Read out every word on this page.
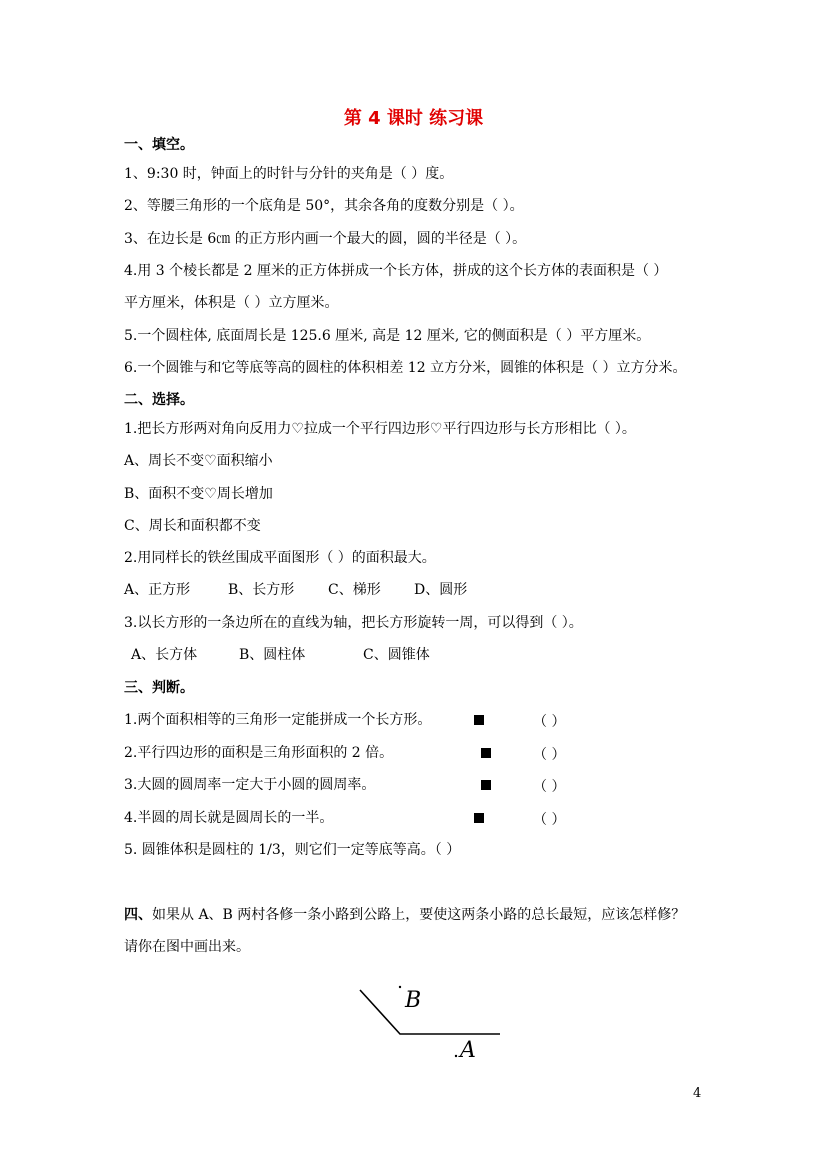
第 4 课时 练习课
一、填空。
1、9:30 时，钟面上的时针与分针的夹角是（ ）度。
2、等腰三角形的一个底角是 50°，其余各角的度数分别是（ ）。
3、在边长是 6㎝ 的正方形内画一个最大的圆，圆的半径是（ ）。
4.用 3 个棱长都是 2 厘米的正方体拼成一个长方体，拼成的这个长方体的表面积是（ ）
平方厘米，体积是（ ）立方厘米。
5.一个圆柱体, 底面周长是 125.6 厘米, 高是 12 厘米, 它的侧面积是（ ）平方厘米。
6.一个圆锥与和它等底等高的圆柱的体积相差 12 立方分米，圆锥的体积是（ ）立方分米。
二、选择。
1.把长方形两对角向反用力♡拉成一个平行四边形♡平行四边形与长方形相比（ ）。
A、周长不变♡面积缩小
B、面积不变♡周长增加
C、周长和面积都不变
2.用同样长的铁丝围成平面图形（ ）的面积最大。
A、正方形	B、长方形 C、梯形 D、圆形
3.以长方形的一条边所在的直线为轴，把长方形旋转一周，可以得到（ ）。
A、长方体	B、圆柱体	C、圆锥体
三、判断。
1.两个面积相等的三角形一定能拼成一个长方形。	（ ）
2.平行四边形的面积是三角形面积的 2 倍。	（ ）
3.大圆的圆周率一定大于小圆的圆周率。	（ ）
4.半圆的周长就是圆周长的一半。	（ ）
5. 圆锥体积是圆柱的 1/3，则它们一定等底等高。（ ）
四、如果从 A、B 两村各修一条小路到公路上，要使这两条小路的总长最短，应该怎样修？
请你在图中画出来。
B
A
4
